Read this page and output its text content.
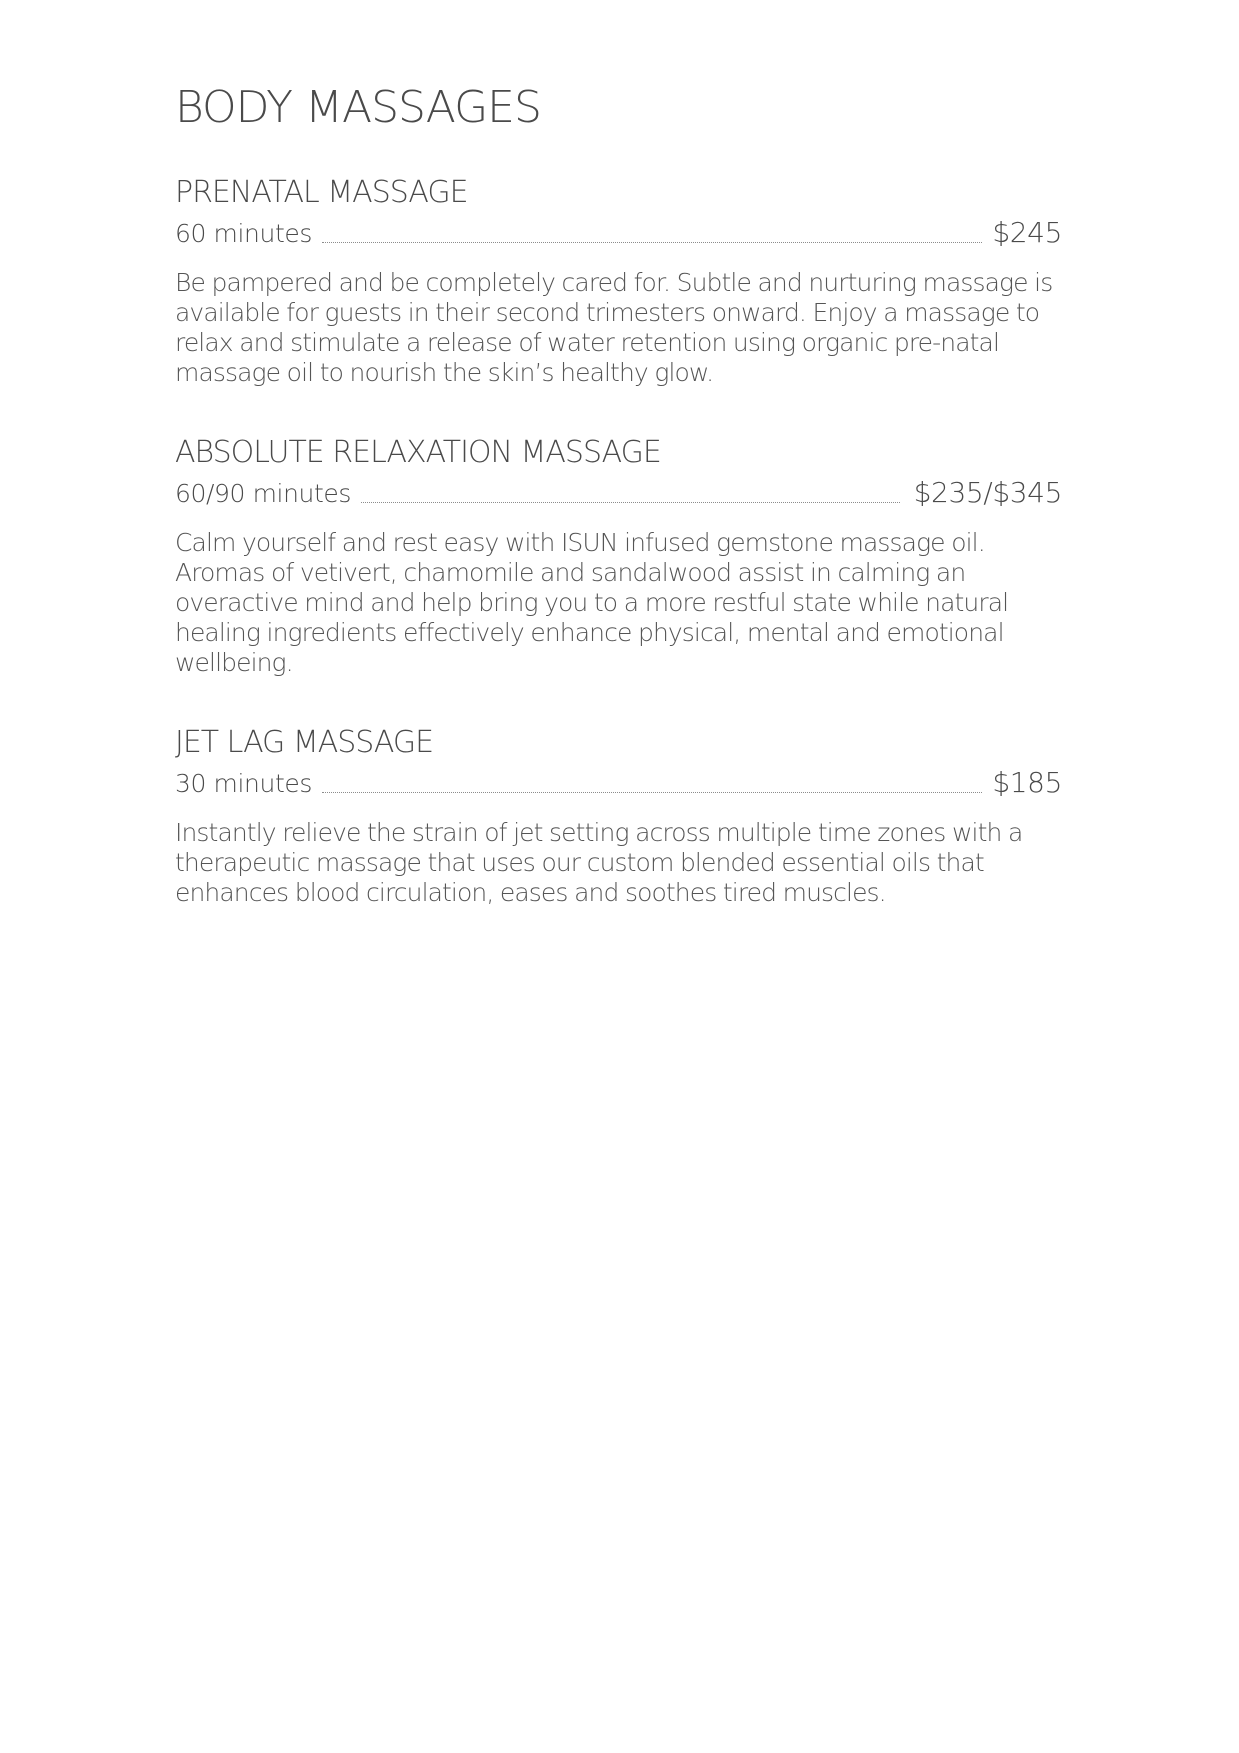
BODY MASSAGES
PRENATAL MASSAGE
60 minutes	$245

Be pampered and be completely cared for. Subtle and nurturing massage is available for guests in their second trimesters onward. Enjoy a massage to relax and stimulate a release of water retention using organic pre-natal massage oil to nourish the skin’s healthy glow.

ABSOLUTE RELAXATION MASSAGE
60/90 minutes	$235/$345

Calm yourself and rest easy with ISUN infused gemstone massage oil. Aromas of vetivert, chamomile and sandalwood assist in calming an overactive mind and help bring you to a more restful state while natural healing ingredients effectively enhance physical, mental and emotional wellbeing.

JET LAG MASSAGE
30 minutes	$185

Instantly relieve the strain of jet setting across multiple time zones with a therapeutic massage that uses our custom blended essential oils that enhances blood circulation, eases and soothes tired muscles.
